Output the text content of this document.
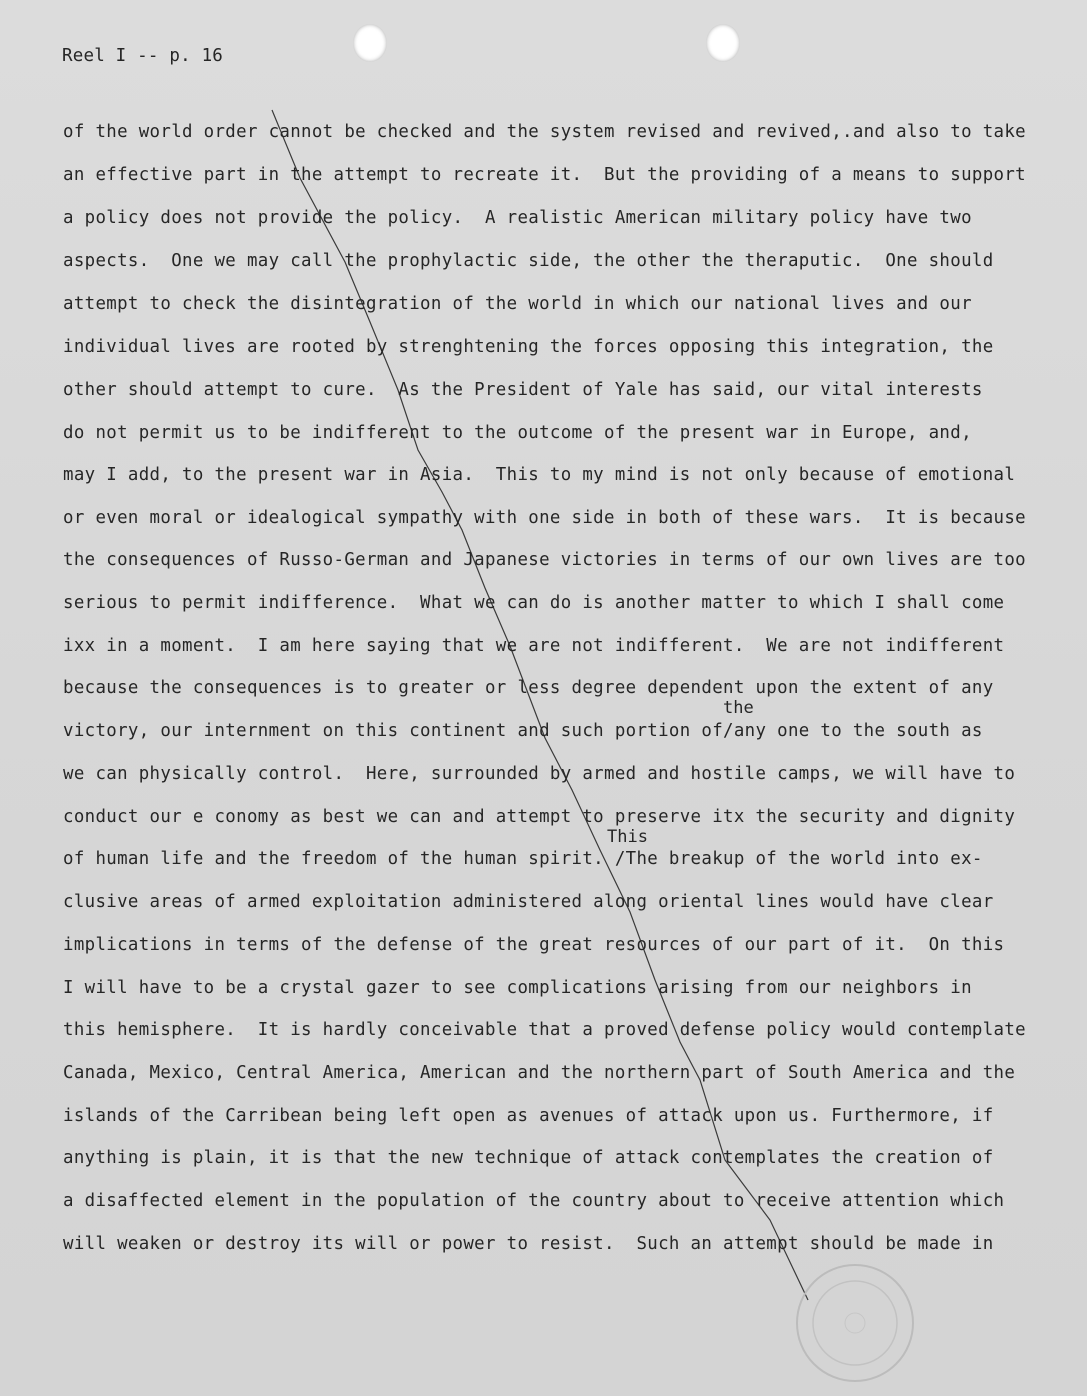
Reel I -- p. 16
of the world order cannot be checked and the system revised and revived,.and also to take
an effective part in the attempt to recreate it.  But the providing of a means to support
a policy does not provide the policy.  A realistic American military policy have two
aspects.  One we may call the prophylactic side, the other the theraputic.  One should
attempt to check the disintegration of the world in which our national lives and our
individual lives are rooted by strenghtening the forces opposing this integration, the
other should attempt to cure.  As the President of Yale has said, our vital interests
do not permit us to be indifferent to the outcome of the present war in Europe, and,
may I add, to the present war in Asia.  This to my mind is not only because of emotional
or even moral or idealogical sympathy with one side in both of these wars.  It is because
the consequences of Russo-German and Japanese victories in terms of our own lives are too
serious to permit indifference.  What we can do is another matter to which I shall come
ixx in a moment.  I am here saying that we are not indifferent.  We are not indifferent
because the consequences is to greater or less degree dependent upon the extent of any
the
victory, our internment on this continent and such portion of/any one to the south as
we can physically control.  Here, surrounded by armed and hostile camps, we will have to
conduct our e conomy as best we can and attempt to preserve itx the security and dignity
This
of human life and the freedom of the human spirit. /The breakup of the world into ex-
clusive areas of armed exploitation administered along oriental lines would have clear
implications in terms of the defense of the great resources of our part of it.  On this
I will have to be a crystal gazer to see complications arising from our neighbors in
this hemisphere.  It is hardly conceivable that a proved defense policy would contemplate
Canada, Mexico, Central America, American and the northern part of South America and the
islands of the Carribean being left open as avenues of attack upon us. Furthermore, if
anything is plain, it is that the new technique of attack contemplates the creation of
a disaffected element in the population of the country about to receive attention which
will weaken or destroy its will or power to resist.  Such an attempt should be made in
